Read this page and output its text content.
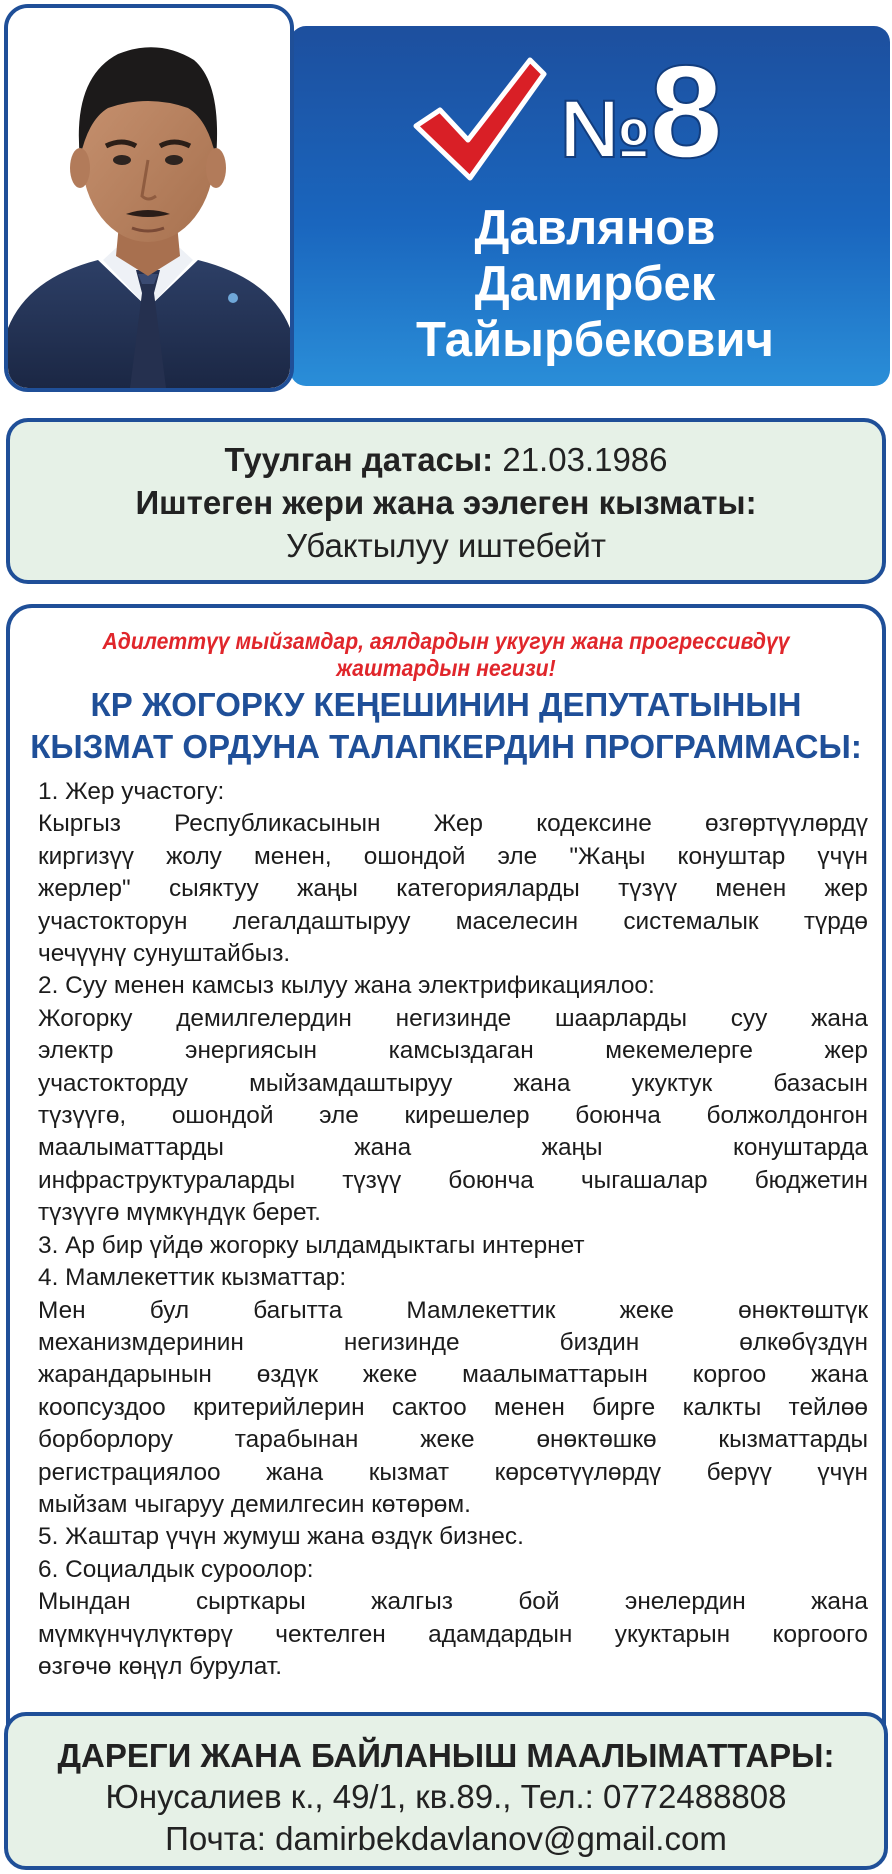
№ 8
Давлянов
Дамирбек
Тайырбекович
Туулган датасы: 21.03.1986
Иштеген жери жана ээлеген кызматы:
Убактылуу иштебейт
Адилеттүү мыйзамдар, аялдардын укугун жана прогрессивдүү жаштардын негизи!
КР ЖОГОРКУ КЕҢЕШИНИН ДЕПУТАТЫНЫН
КЫЗМАТ ОРДУНА ТАЛАПКЕРДИН ПРОГРАММАСЫ:
1. Жер участогу:
Кыргыз Республикасынын Жер кодексине өзгөртүүлөрдү
киргизүү жолу менен, ошондой эле "Жаңы конуштар үчүн
жерлер" сыяктуу жаңы категорияларды түзүү менен жер
участокторун легалдаштыруу маселесин системалык түрдө
чечүүнү сунуштайбыз.
2. Суу менен камсыз кылуу жана электрификациялоо:
Жогорку демилгелердин негизинде шаарларды суу жана
электр энергиясын камсыздаган мекемелерге жер
участокторду мыйзамдаштыруу жана укуктук базасын
түзүүгө, ошондой эле кирешелер боюнча болжолдонгон
маалыматтарды жана жаңы конуштарда
инфраструктураларды түзүү боюнча чыгашалар бюджетин
түзүүгө мүмкүндүк берет.
3. Ар бир үйдө жогорку ылдамдыктагы интернет
4. Мамлекеттик кызматтар:
Мен бул багытта Мамлекеттик жеке өнөктөштүк
механизмдеринин негизинде биздин өлкөбүздүн
жарандарынын өздүк жеке маалыматтарын коргоо жана
коопсуздоо критерийлерин сактоо менен бирге калкты тейлөө
борборлору тарабынан жеке өнөктөшкө кызматтарды
регистрациялоо жана кызмат көрсөтүүлөрдү берүү үчүн
мыйзам чыгаруу демилгесин көтөрөм.
5. Жаштар үчүн жумуш жана өздүк бизнес.
6. Социалдык суроолор:
Мындан сырткары жалгыз бой энелердин жана
мүмкүнчүлүктөрү чектелген адамдардын укуктарын коргоого
өзгөчө көңүл бурулат.
ДАРЕГИ ЖАНА БАЙЛАНЫШ МААЛЫМАТТАРЫ:
Юнусалиев к., 49/1, кв.89., Тел.: 0772488808
Почта: damirbekdavlanov@gmail.com
